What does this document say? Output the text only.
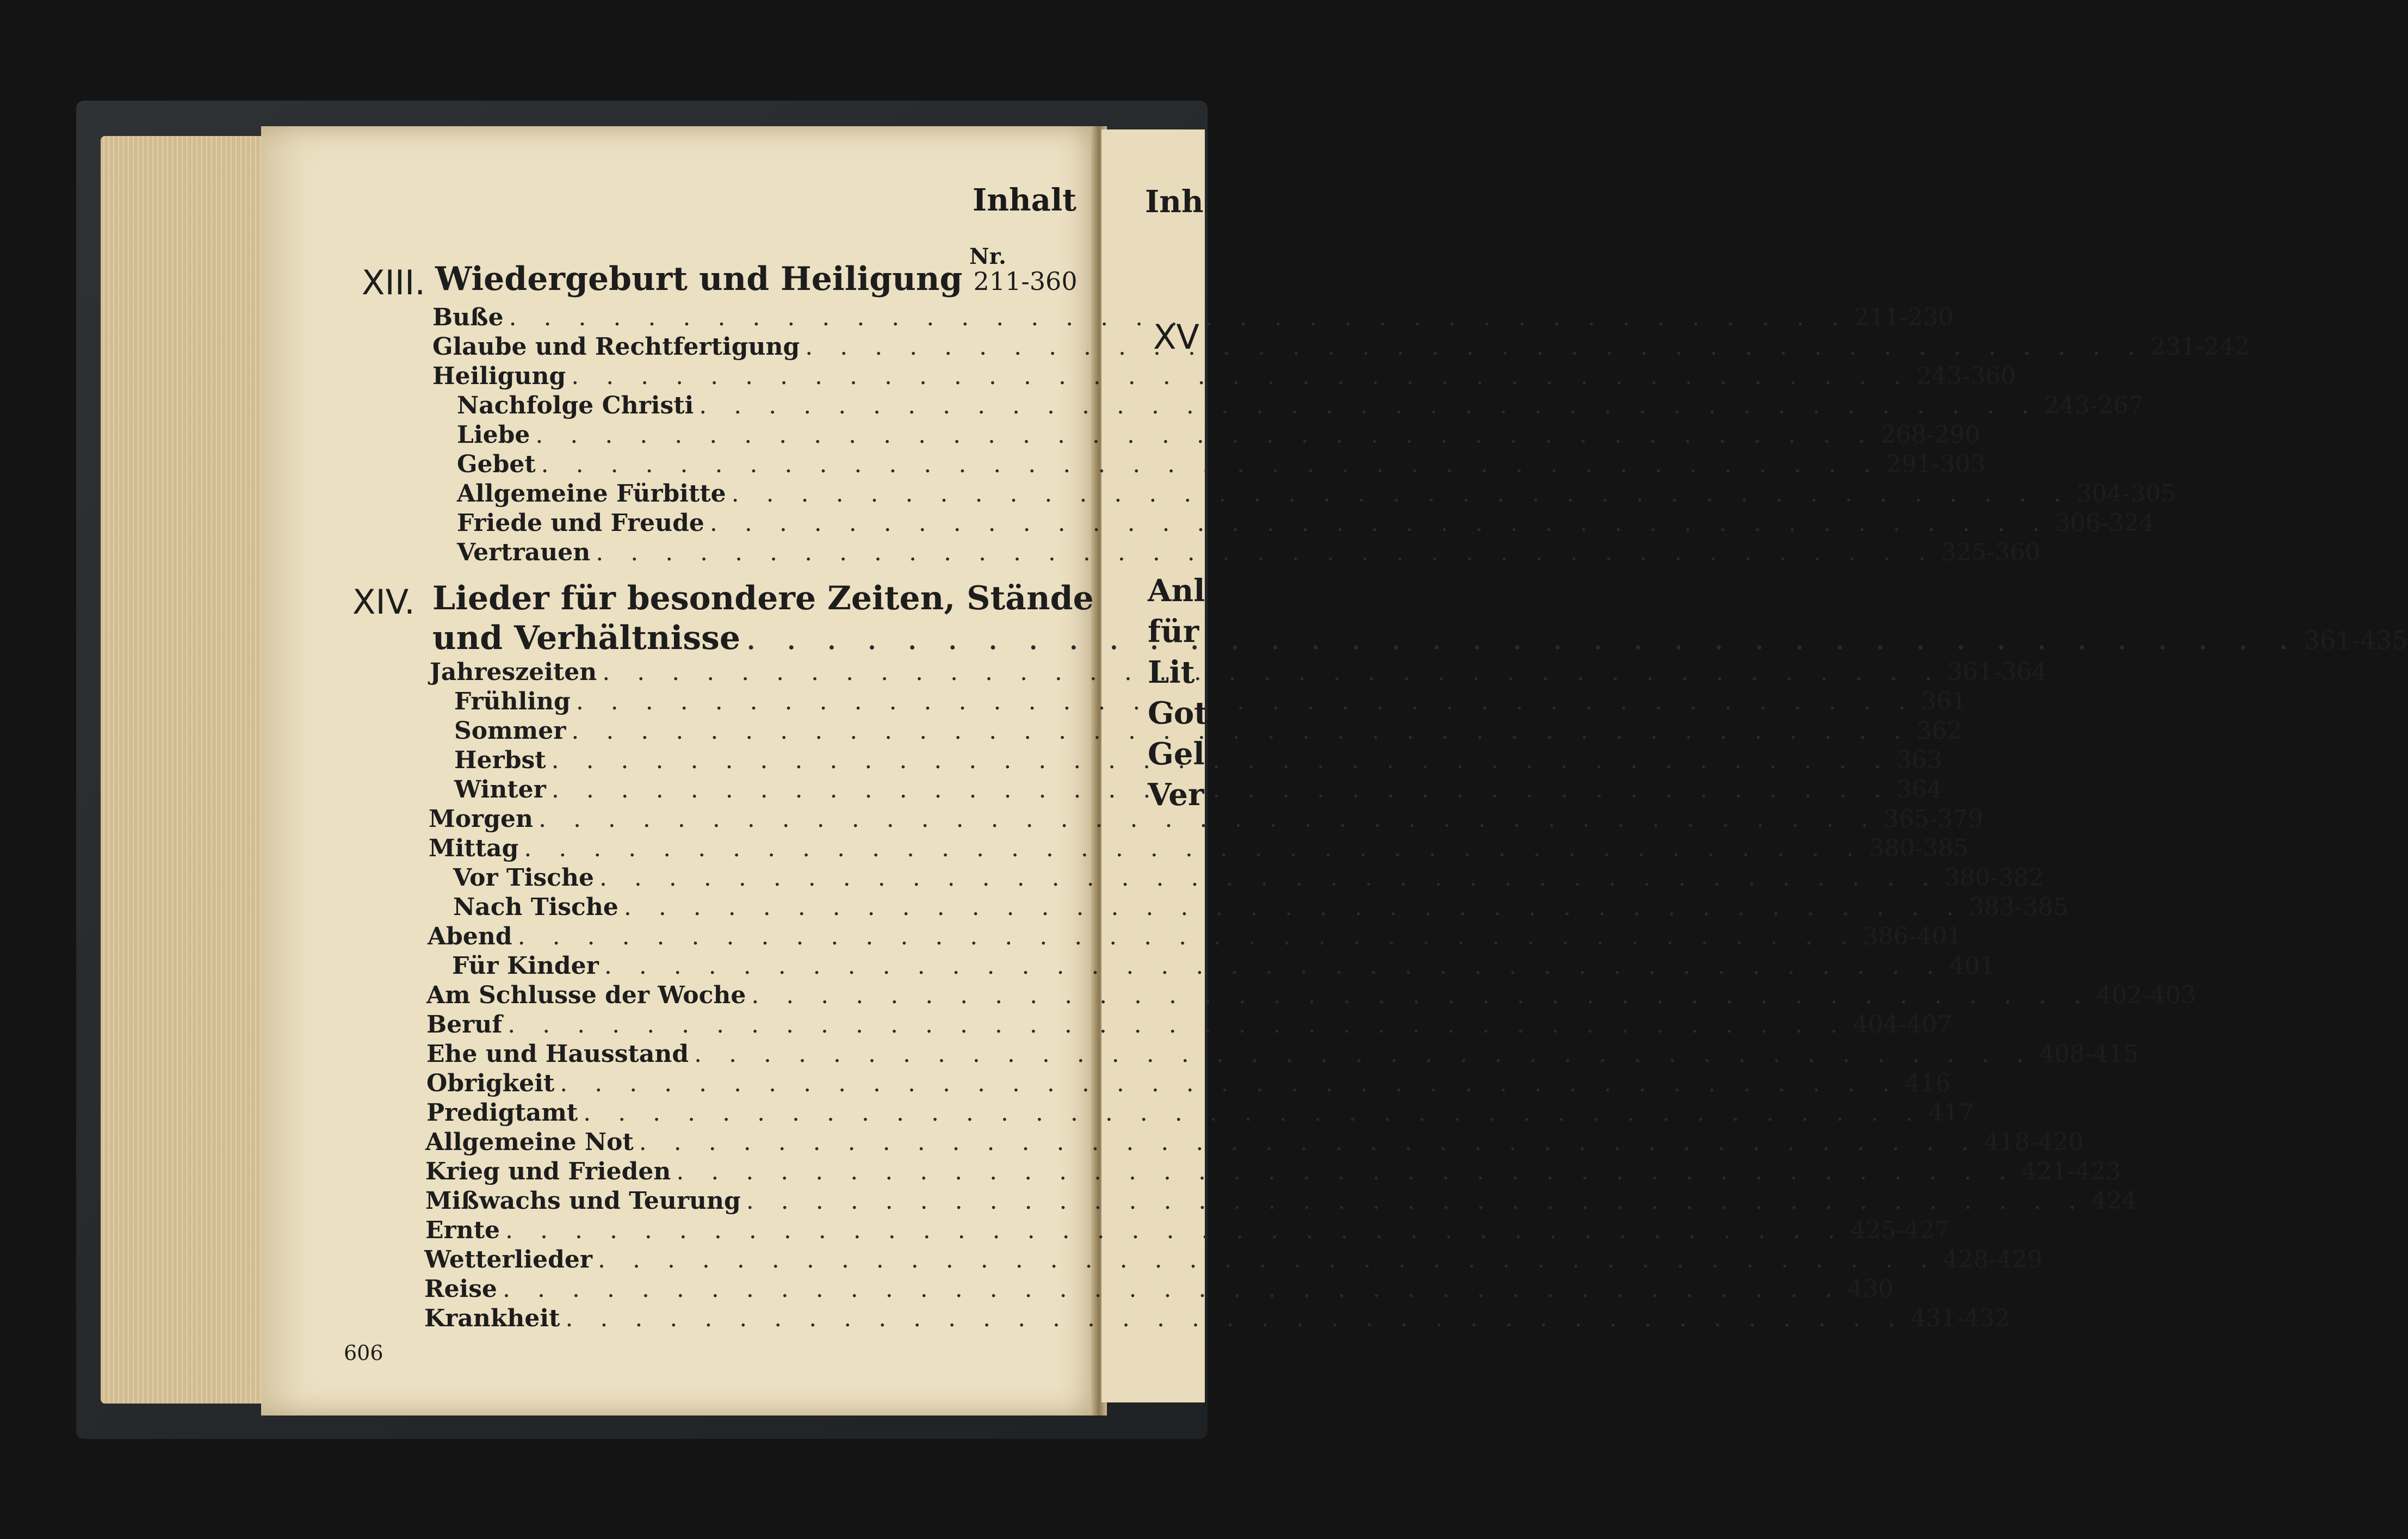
Inh
XV
Anl
für
Lit
Got
Gel
Ver
Inhalt
Nr.
XIII. Wiedergeburt und Heiligung 211-360
Buße . . .	211-230
Glaube und Rechtfertigung . . .	231-242
Heiligung . . .	243-360
Nachfolge Christi . . .	243-267
Liebe . . .	268-290
Gebet . . .	291-303
Allgemeine Fürbitte . . .	304-305
Friede und Freude . . .	306-324
Vertrauen . . .	325-360
XIV. Lieder für besondere Zeiten, Stände
und Verhältnisse . . .	361-435
Jahreszeiten . . .	361-364
Frühling . . .	361
Sommer . . .	362
Herbst . . .	363
Winter . . .	364
Morgen . . .	365-379
Mittag . . .	380-385
Vor Tische . . .	380-382
Nach Tische . . .	383-385
Abend . . .	386-401
Für Kinder . . .	401
Am Schlusse der Woche . . .	402-403
Beruf . . .	404-407
Ehe und Hausstand . . .	408-415
Obrigkeit . . .	416
Predigtamt . . .	417
Allgemeine Not . . .	418-420
Krieg und Frieden . . .	421-423
Mißwachs und Teurung . . .	424
Ernte . . .	425-427
Wetterlieder . . .	428-429
Reise . . .	430
Krankheit . . .	431-432
606
